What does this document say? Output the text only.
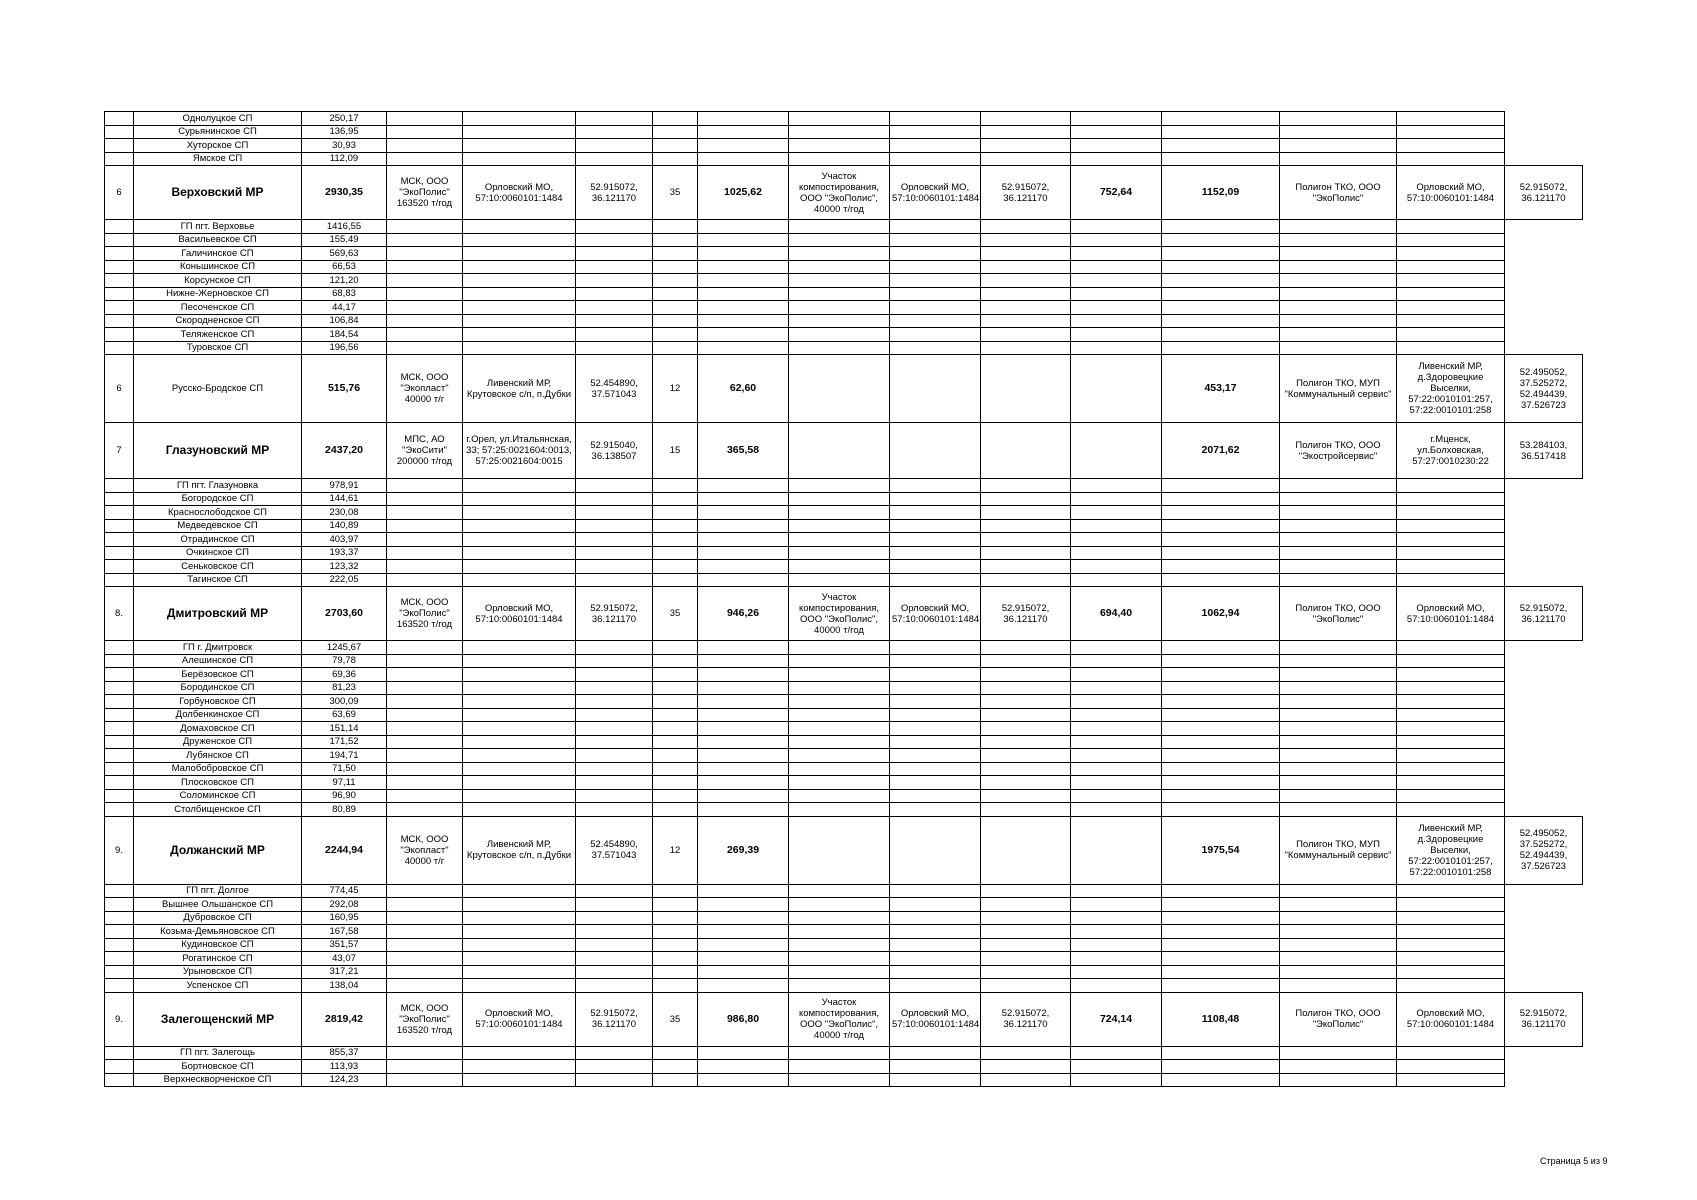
	Однолуцкое СП	250,17													
	Сурьянинское СП	136,95													
	Хуторское СП	30,93													
	Ямское СП	112,09													
6	Верховский МР	2930,35	МСК, ООО "ЭкоПолис" 163520 т/год	Орловский МО, 57:10:0060101:1484	52.915072, 36.121170	35	1025,62	Участок компостирования, ООО "ЭкоПолис", 40000 т/год	Орловский МО, 57:10:0060101:1484	52.915072, 36.121170	752,64	1152,09	Полигон ТКО, ООО "ЭкоПолис"	Орловский МО, 57:10:0060101:1484	52.915072, 36.121170
	ГП пгт. Верховье	1416,55													
	Васильевское СП	155,49													
	Галичинское СП	569,63													
	Коньшинское СП	66,53													
	Корсунское СП	121,20													
	Нижне-Жерновское СП	68,83													
	Песоченское СП	44,17													
	Скородненское СП	106,84													
	Теляженское СП	184,54													
	Туровское СП	196,56													
6	Русско-Бродское СП	515,76	МСК, ООО "Экопласт" 40000 т/г	Ливенский МР, Крутовское с/п, п.Дубки	52.454890, 37.571043	12	62,60					453,17	Полигон ТКО, МУП "Коммунальный сервис"	Ливенский МР, д.Здоровецкие Выселки, 57:22:0010101:257, 57:22:0010101:258	52.495052, 37.525272, 52.494439, 37.526723
7	Глазуновский МР	2437,20	МПС, АО "ЭкоСити" 200000 т/год	г.Орел, ул.Итальянская, 33; 57:25:0021604:0013, 57:25:0021604:0015	52.915040, 36.138507	15	365,58					2071,62	Полигон ТКО, ООО "Экостройсервис"	г.Мценск, ул.Болховская, 57:27:0010230:22	53.284103, 36.517418
	ГП пгт. Глазуновка	978,91													
	Богородское СП	144,61													
	Краснослободское СП	230,08													
	Медведевское СП	140,89													
	Отрадинское СП	403,97													
	Очкинское СП	193,37													
	Сеньковское СП	123,32													
	Тагинское СП	222,05													
8.	Дмитровский МР	2703,60	МСК, ООО "ЭкоПолис" 163520 т/год	Орловский МО, 57:10:0060101:1484	52.915072, 36.121170	35	946,26	Участок компостирования, ООО "ЭкоПолис", 40000 т/год	Орловский МО, 57:10:0060101:1484	52.915072, 36.121170	694,40	1062,94	Полигон ТКО, ООО "ЭкоПолис"	Орловский МО, 57:10:0060101:1484	52.915072, 36.121170
	ГП г. Дмитровск	1245,67													
	Алешинское СП	79,78													
	Берёзовское СП	69,36													
	Бородинское СП	81,23													
	Горбуновское СП	300,09													
	Долбенкинское СП	63,69													
	Домаховское СП	151,14													
	Друженское СП	171,52													
	Лубянское СП	194,71													
	Малобобровское СП	71,50													
	Плосковское СП	97,11													
	Соломинское СП	96,90													
	Столбищенское СП	80,89													
9.	Должанский МР	2244,94	МСК, ООО "Экопласт" 40000 т/г	Ливенский МР, Крутовское с/п, п.Дубки	52.454890, 37.571043	12	269,39					1975,54	Полигон ТКО, МУП "Коммунальный сервис"	Ливенский МР, д.Здоровецкие Выселки, 57:22:0010101:257, 57:22:0010101:258	52.495052, 37.525272, 52.494439, 37.526723
	ГП пгт. Долгое	774,45													
	Вышнее Ольшанское СП	292,08													
	Дубровское СП	160,95													
	Козьма-Демьяновское СП	167,58													
	Кудиновское СП	351,57													
	Рогатинское СП	43,07													
	Урыновское СП	317,21													
	Успенское СП	138,04													
9.	Залегощенский МР	2819,42	МСК, ООО "ЭкоПолис" 163520 т/год	Орловский МО, 57:10:0060101:1484	52.915072, 36.121170	35	986,80	Участок компостирования, ООО "ЭкоПолис", 40000 т/год	Орловский МО, 57:10:0060101:1484	52.915072, 36.121170	724,14	1108,48	Полигон ТКО, ООО "ЭкоПолис"	Орловский МО, 57:10:0060101:1484	52.915072, 36.121170
	ГП пгт. Залегощь	855,37													
	Бортновское СП	113,93													
	Верхнескворченское СП	124,23													
Страница 5 из 9
